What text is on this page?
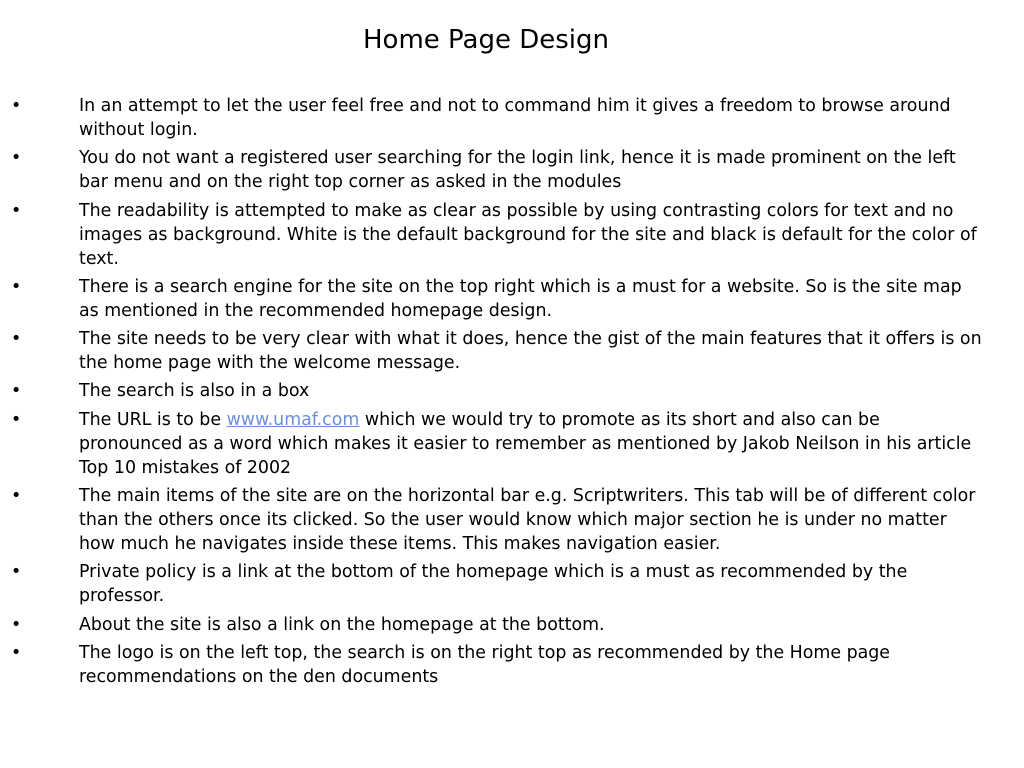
Home Page Design
•	In an attempt to let the user feel free and not to command him it gives a freedom to browse around without login.
•	You do not want a registered user searching for the login link, hence it is made prominent on the left bar menu and on the right top corner as asked in the modules
•	The readability is attempted to make as clear as possible by using contrasting colors for text and no images as background. White is the default background for the site and black is default for the color of text.
•	There is a search engine for the site on the top right which is a must for a website. So is the site map as mentioned in the recommended homepage design.
•	The site needs to be very clear with what it does, hence the gist of the main features that it offers is on the home page with the welcome message.
•	The search is also in a box
•	The URL is to be www.umaf.com which we would try to promote as its short and also can be pronounced as a word which makes it easier to remember as mentioned by Jakob Neilson in his article Top 10 mistakes of 2002
•	The main items of the site are on the horizontal bar e.g. Scriptwriters. This tab will be of different color than the others once its clicked. So the user would know which major section he is under no matter how much he navigates inside these items. This makes navigation easier.
•	Private policy is a link at the bottom of the homepage which is a must as recommended by the professor.
•	About the site is also a link on the homepage at the bottom.
•	The logo is on the left top, the search is on the right top as recommended by the Home page recommendations on the den documents
